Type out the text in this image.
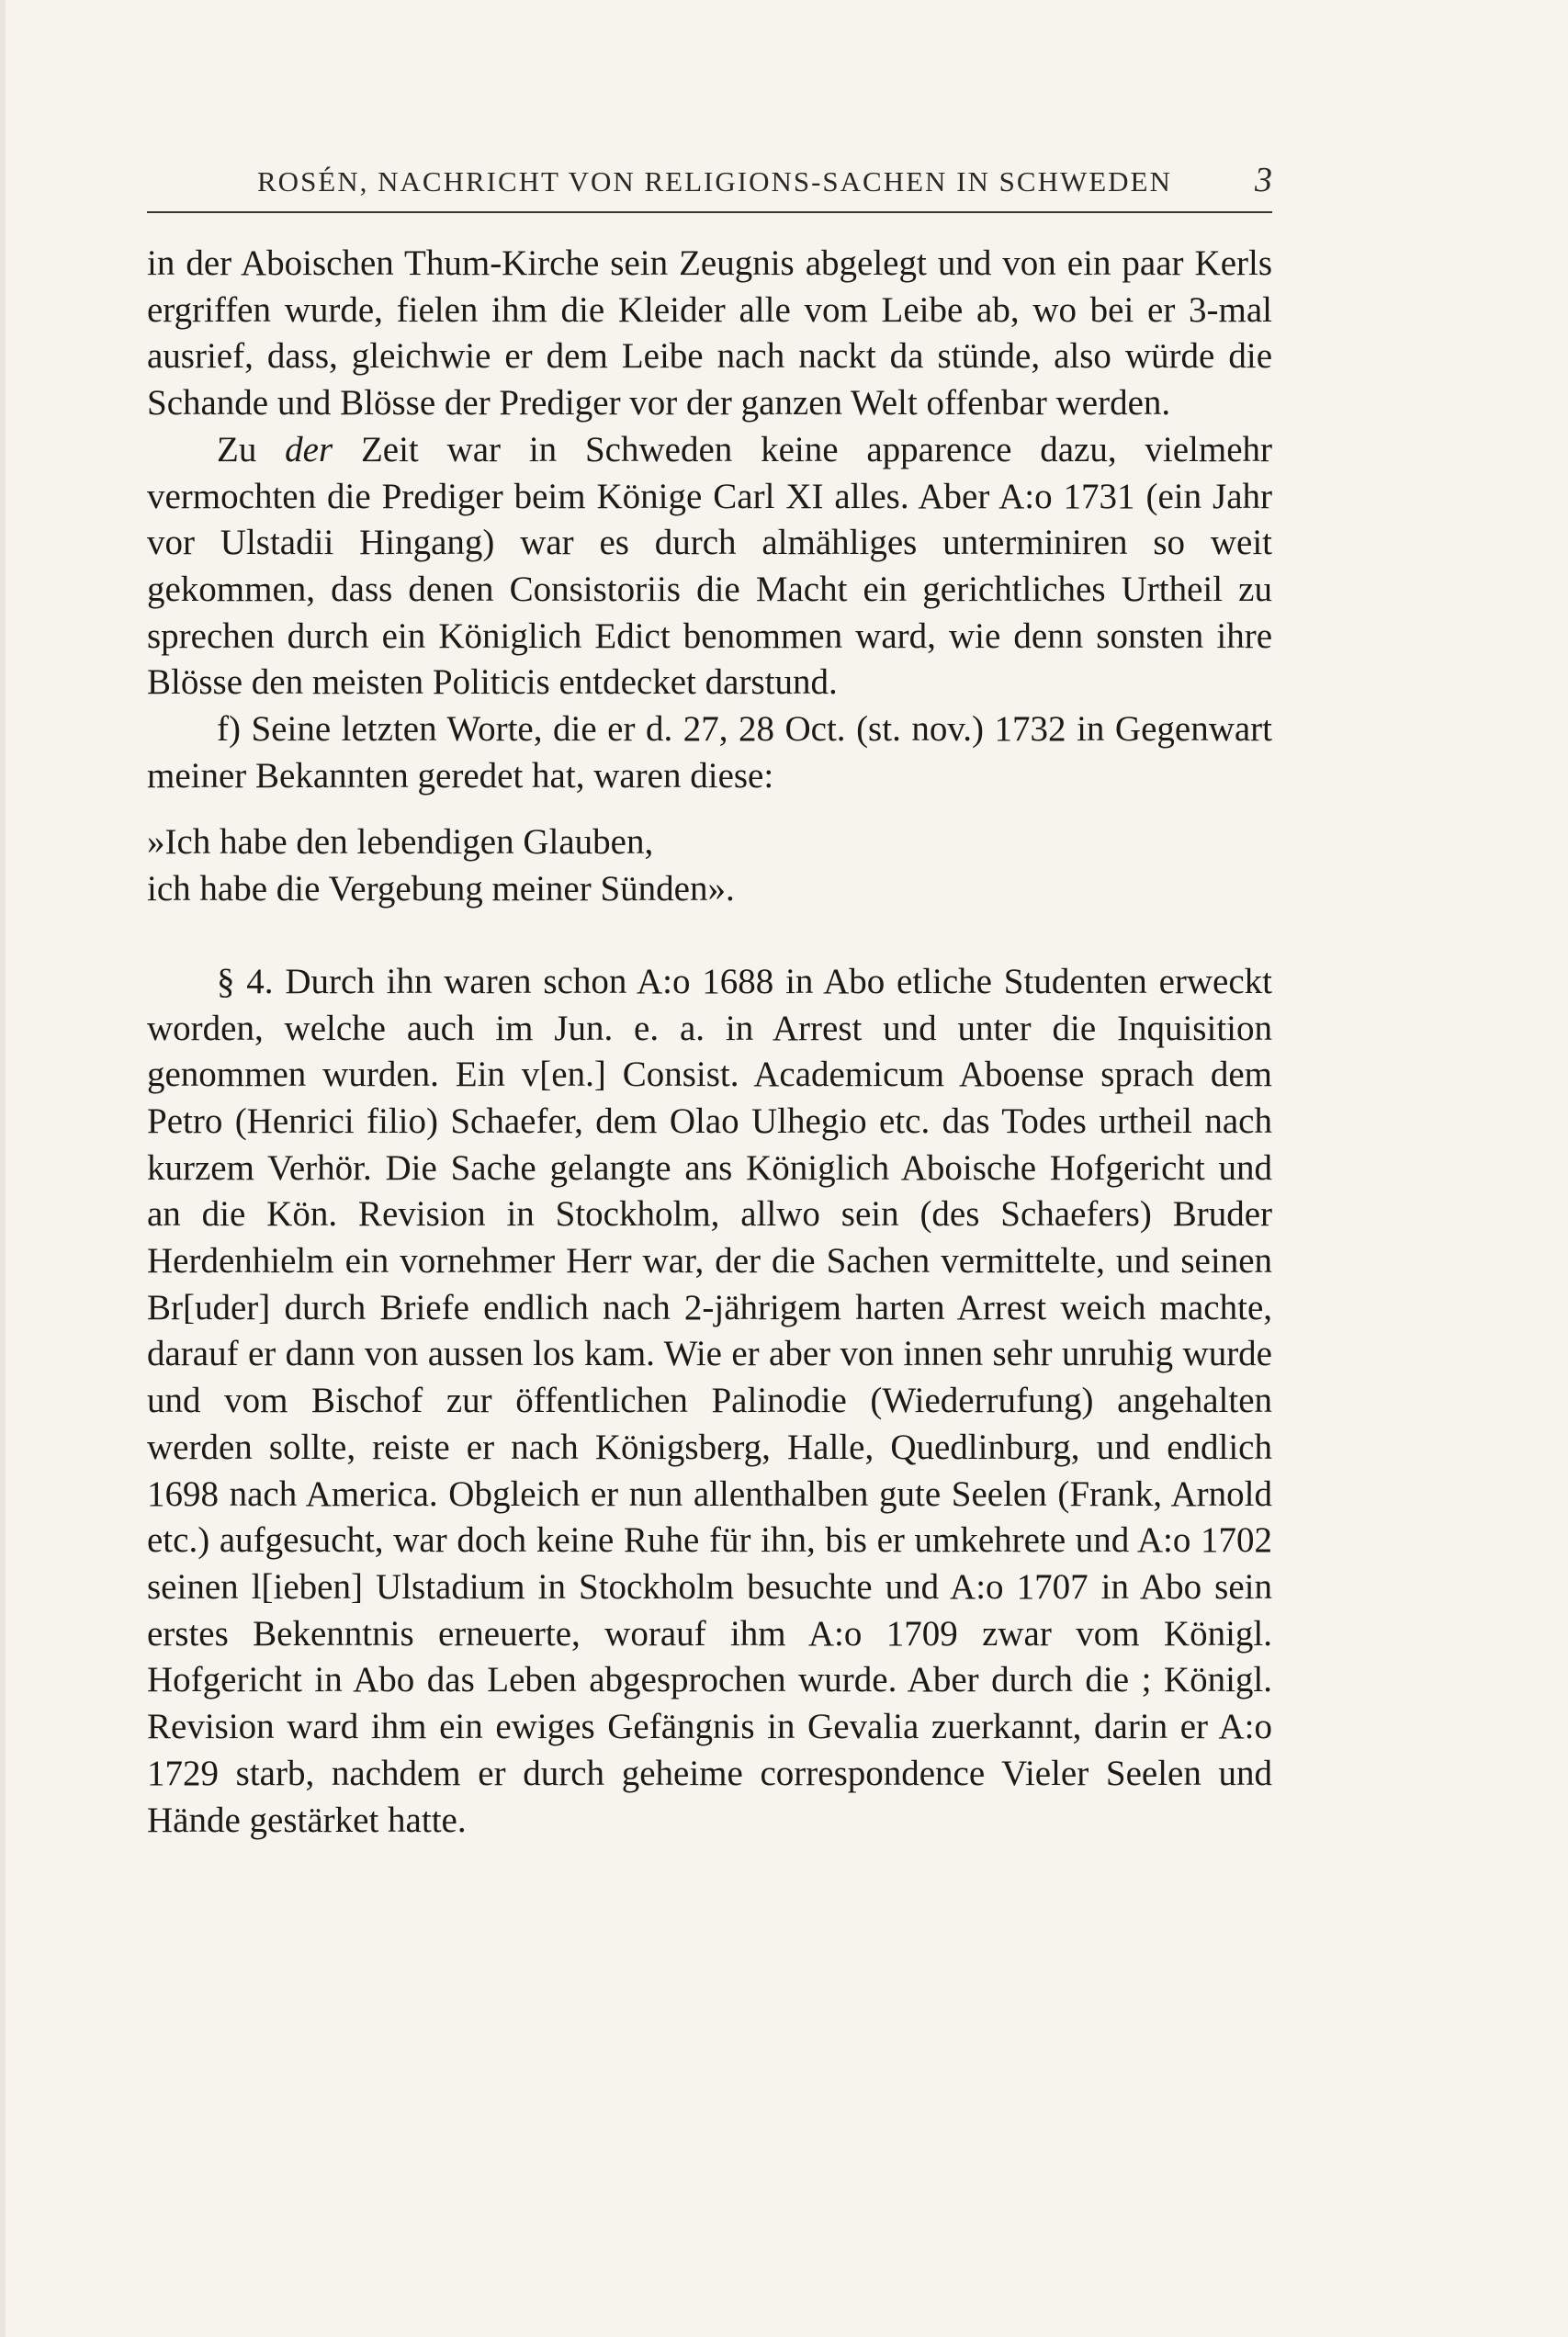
ROSÉN, NACHRICHT VON RELIGIONS-SACHEN IN SCHWEDEN 3

in der Aboischen Thum-Kirche sein Zeugnis abgelegt und von ein paar Kerls ergriffen wurde, fielen ihm die Kleider alle vom Leibe ab, wo bei er 3-mal ausrief, dass, gleichwie er dem Leibe nach nackt da stünde, also würde die Schande und Blösse der Prediger vor der ganzen Welt offenbar werden.

Zu der Zeit war in Schweden keine apparence dazu, vielmehr vermochten die Prediger beim Könige Carl XI alles. Aber A:o 1731 (ein Jahr vor Ulstadii Hingang) war es durch almähliges unterminiren so weit gekommen, dass denen Consistoriis die Macht ein gerichtliches Urtheil zu sprechen durch ein Königlich Edict benommen ward, wie denn sonsten ihre Blösse den meisten Politicis entdecket darstund.

f) Seine letzten Worte, die er d. 27, 28 Oct. (st. nov.) 1732 in Gegenwart meiner Bekannten geredet hat, waren diese:

»Ich habe den lebendigen Glauben,
ich habe die Vergebung meiner Sünden».

§ 4. Durch ihn waren schon A:o 1688 in Abo etliche Studenten erweckt worden, welche auch im Jun. e. a. in Arrest und unter die Inquisition genommen wurden. Ein v[en.] Consist. Academicum Aboense sprach dem Petro (Henrici filio) Schaefer, dem Olao Ulhegio etc. das Todes urtheil nach kurzem Verhör. Die Sache gelangte ans Königlich Aboische Hofgericht und an die Kön. Revision in Stockholm, allwo sein (des Schaefers) Bruder Herdenhielm ein vornehmer Herr war, der die Sachen vermittelte, und seinen Br[uder] durch Briefe endlich nach 2-jährigem harten Arrest weich machte, darauf er dann von aussen los kam. Wie er aber von innen sehr unruhig wurde und vom Bischof zur öffentlichen Palinodie (Wiederrufung) angehalten werden sollte, reiste er nach Königsberg, Halle, Quedlinburg, und endlich 1698 nach America. Obgleich er nun allenthalben gute Seelen (Frank, Arnold etc.) aufgesucht, war doch keine Ruhe für ihn, bis er umkehrete und A:o 1702 seinen l[ieben] Ulstadium in Stockholm besuchte und A:o 1707 in Abo sein erstes Bekenntnis erneuerte, worauf ihm A:o 1709 zwar vom Königl. Hofgericht in Abo das Leben abgesprochen wurde. Aber durch die ; Königl. Revision ward ihm ein ewiges Gefängnis in Gevalia zuerkannt, darin er A:o 1729 starb, nachdem er durch geheime correspondence Vieler Seelen und Hände gestärket hatte.
